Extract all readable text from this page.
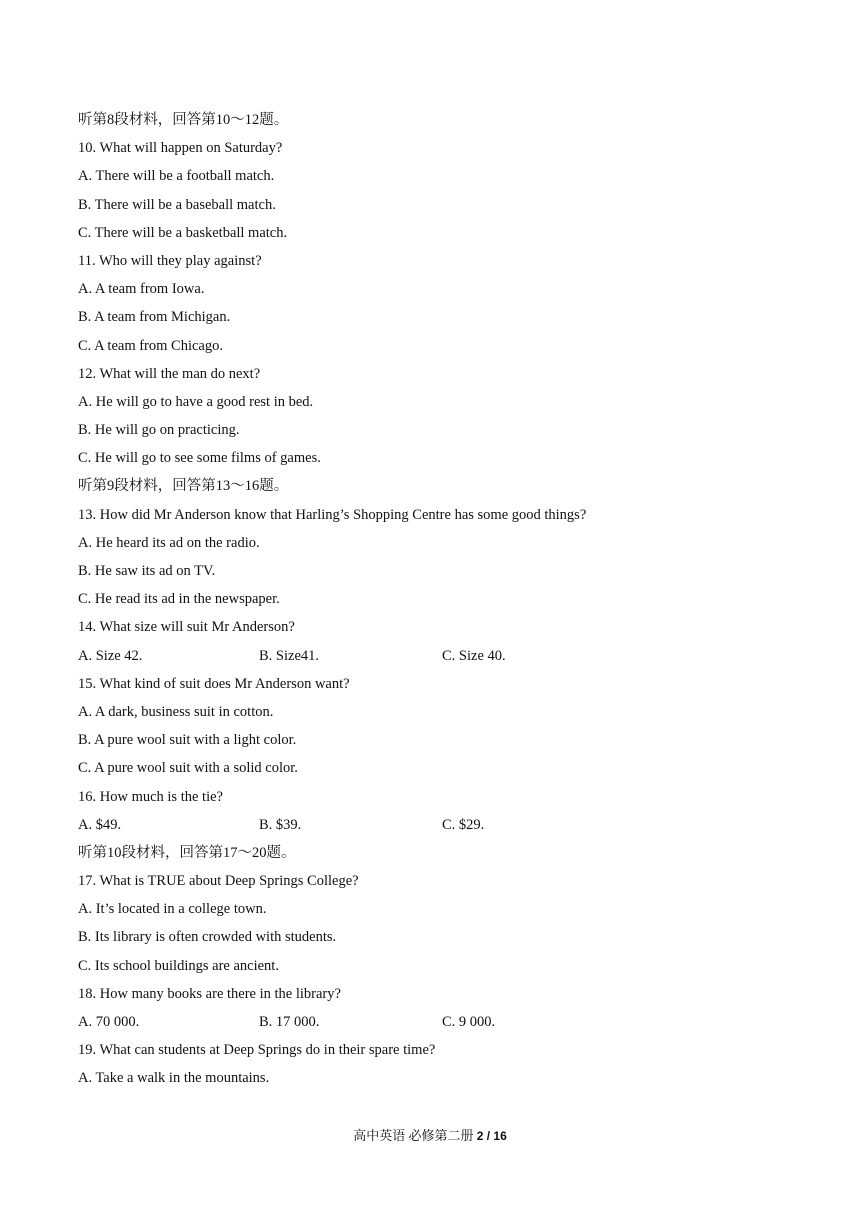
听第8段材料，回答第10～12题。
10. What will happen on Saturday?
A. There will be a football match.
B. There will be a baseball match.
C. There will be a basketball match.
11. Who will they play against?
A. A team from Iowa.
B. A team from Michigan.
C. A team from Chicago.
12. What will the man do next?
A. He will go to have a good rest in bed.
B. He will go on practicing.
C. He will go to see some films of games.
听第9段材料，回答第13～16题。
13. How did Mr Anderson know that Harling’s Shopping Centre has some good things?
A. He heard its ad on the radio.
B. He saw its ad on TV.
C. He read its ad in the newspaper.
14. What size will suit Mr Anderson?
A. Size 42.	B. Size41.	C. Size 40.
15. What kind of suit does Mr Anderson want?
A. A dark, business suit in cotton.
B. A pure wool suit with a light color.
C. A pure wool suit with a solid color.
16. How much is the tie?
A. $49.	B. $39.	C. $29.
听第10段材料，回答第17～20题。
17. What is TRUE about Deep Springs College?
A. It’s located in a college town.
B. Its library is often crowded with students.
C. Its school buildings are ancient.
18. How many books are there in the library?
A. 70 000.	B. 17 000.	C. 9 000.
19. What can students at Deep Springs do in their spare time?
A. Take a walk in the mountains.
高中英语 必修第二册 2 / 16
